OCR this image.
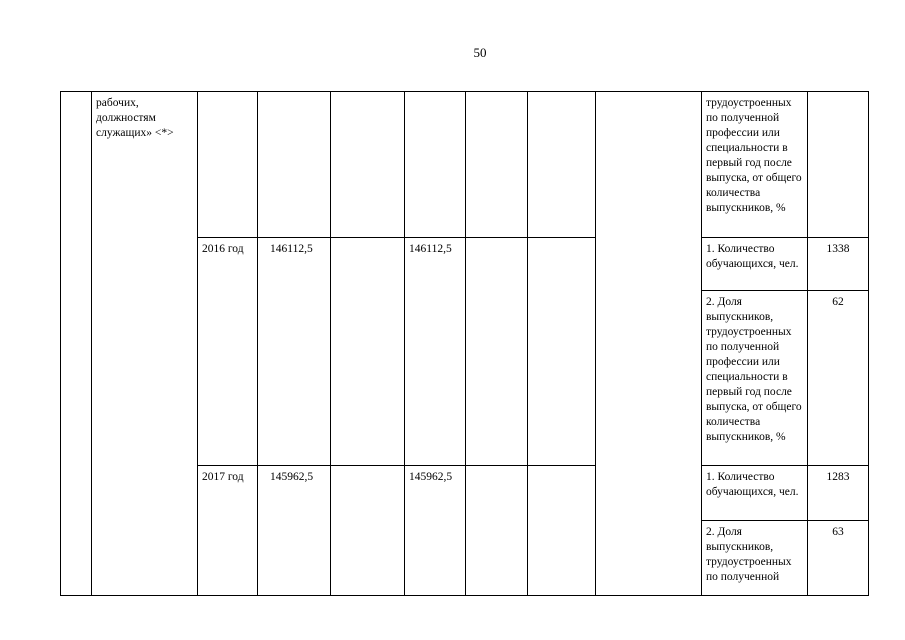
50
	рабочих, должностям служащих» <*>								трудоустроенных по полученной профессии или специальности в первый год после выпуска, от общего количества выпускников, %	
		2016 год	146112,5		146112,5				1. Количество обучающихся, чел.	1338
									2. Доля выпускников, трудоустроенных по полученной профессии или специальности в первый год после выпуска, от общего количества выпускников, %	62
		2017 год	145962,5		145962,5				1. Количество обучающихся, чел.	1283
									2. Доля выпускников, трудоустроенных по полученной	63
